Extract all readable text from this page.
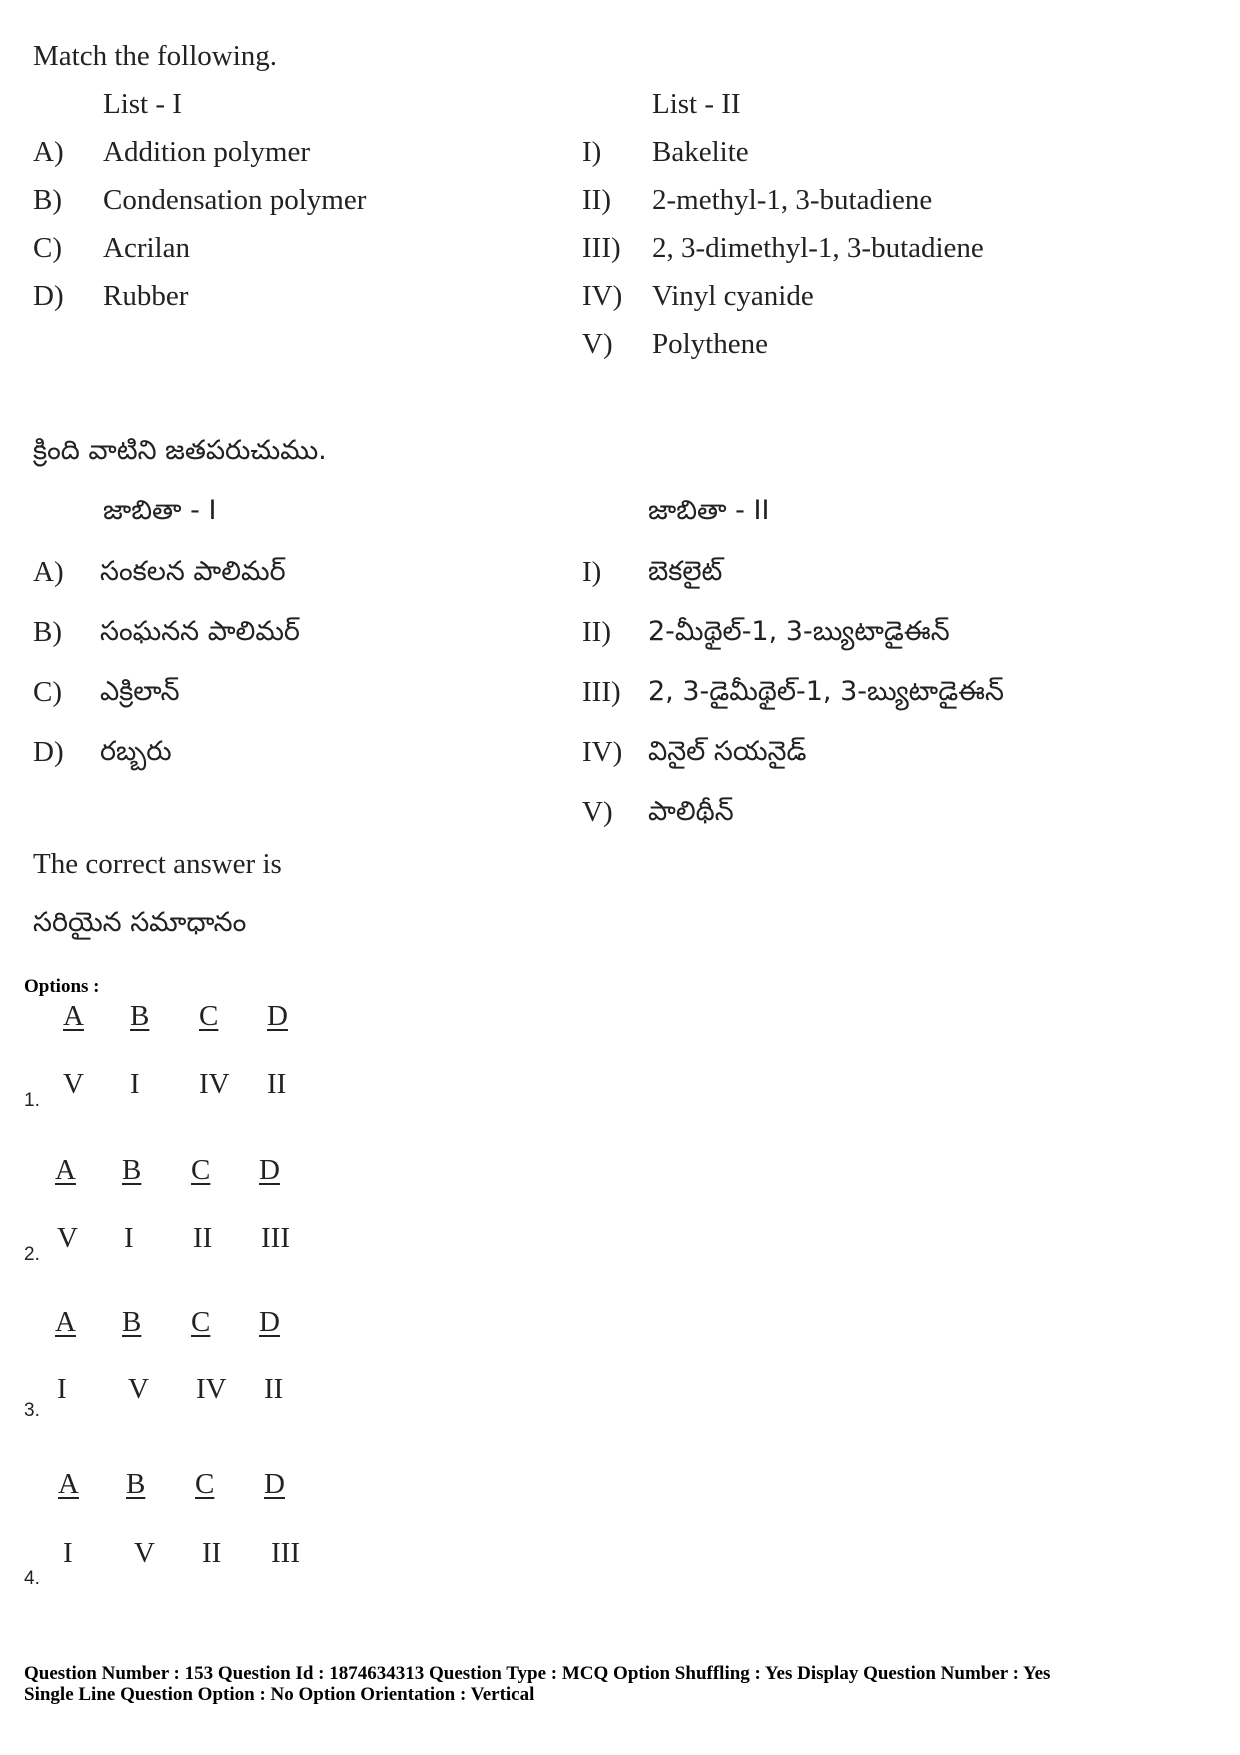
Match the following.
List - I	List - II
A) Addition polymer
B) Condensation polymer
C) Acrilan
D) Rubber
I) Bakelite
II) 2-methyl-1, 3-butadiene
III) 2, 3-dimethyl-1, 3-butadiene
IV) Vinyl cyanide
V) Polythene
క్రింది వాటిని జతపరుచుము.
జాబితా - I	జాబితా - II
A) సంకలన పాలిమర్
B) సంఘనన పాలిమర్
C) ఎక్రిలాన్
D) రబ్బరు
I) బెకలైట్
II) 2-మీథైల్-1, 3-బ్యుటాడైఈన్
III) 2, 3-డైమీథైల్-1, 3-బ్యుటాడైఈన్
IV) వినైల్ సయనైడ్
V) పాలిథీన్
The correct answer is
సరియైన సమాధానం
Options :
1.
A B C D
V I IV II
2.
A B C D
V I II III
3.
A B C D
I V IV II
4.
A B C D
I V II III
Question Number : 153 Question Id : 1874634313 Question Type : MCQ Option Shuffling : Yes Display Question Number : Yes
Single Line Question Option : No Option Orientation : Vertical
